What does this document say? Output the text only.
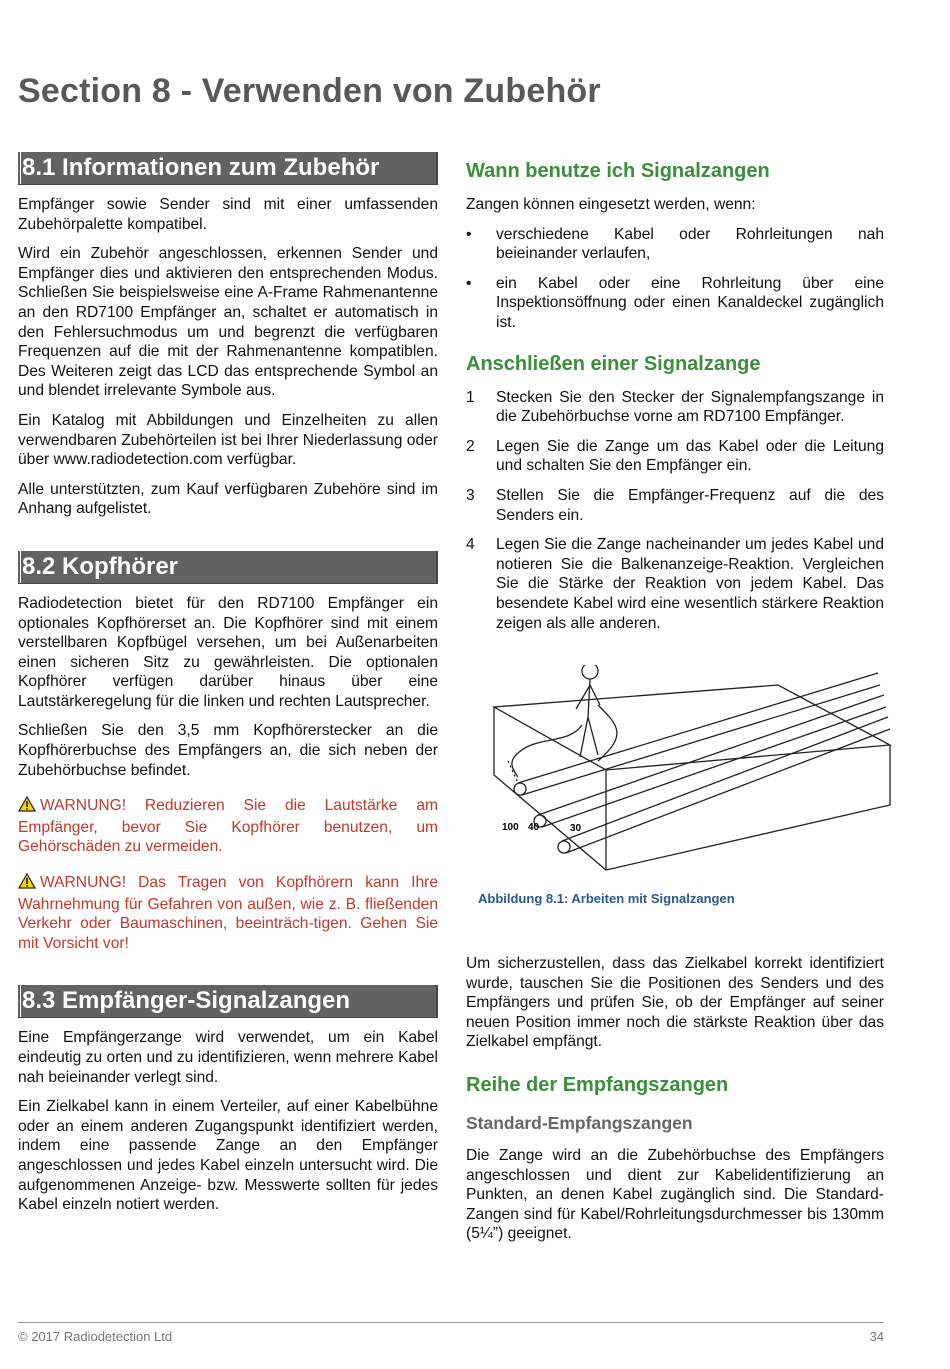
Section 8 - Verwenden von Zubehör
8.1 Informationen zum Zubehör

Empfänger sowie Sender sind mit einer umfassenden Zubehörpalette kompatibel.

Wird ein Zubehör angeschlossen, erkennen Sender und Empfänger dies und aktivieren den entsprechenden Modus. Schließen Sie beispielsweise eine A-Frame Rahmenantenne an den RD7100 Empfänger an, schaltet er automatisch in den Fehlersuchmodus um und begrenzt die verfügbaren Frequenzen auf die mit der Rahmenantenne kompatiblen. Des Weiteren zeigt das LCD das entsprechende Symbol an und blendet irrelevante Symbole aus.

Ein Katalog mit Abbildungen und Einzelheiten zu allen verwendbaren Zubehörteilen ist bei Ihrer Niederlassung oder über www.radiodetection.com verfügbar.

Alle unterstützten, zum Kauf verfügbaren Zubehöre sind im Anhang aufgelistet.

8.2 Kopfhörer

Radiodetection bietet für den RD7100 Empfänger ein optionales Kopfhörerset an. Die Kopfhörer sind mit einem verstellbaren Kopfbügel versehen, um bei Außenarbeiten einen sicheren Sitz zu gewährleisten. Die optionalen Kopfhörer verfügen darüber hinaus über eine Lautstärkeregelung für die linken und rechten Lautsprecher.

Schließen Sie den 3,5 mm Kopfhörerstecker an die Kopfhörerbuchse des Empfängers an, die sich neben der Zubehörbuchse befindet.

WARNUNG! Reduzieren Sie die Lautstärke am Empfänger, bevor Sie Kopfhörer benutzen, um Gehörschäden zu vermeiden.

WARNUNG! Das Tragen von Kopfhörern kann Ihre Wahrnehmung für Gefahren von außen, wie z. B. fließenden Verkehr oder Baumaschinen, beeinträch-tigen. Gehen Sie mit Vorsicht vor!

8.3 Empfänger-Signalzangen

Eine Empfängerzange wird verwendet, um ein Kabel eindeutig zu orten und zu identifizieren, wenn mehrere Kabel nah beieinander verlegt sind.

Ein Zielkabel kann in einem Verteiler, auf einer Kabelbühne oder an einem anderen Zugangspunkt identifiziert werden, indem eine passende Zange an den Empfänger angeschlossen und jedes Kabel einzeln untersucht wird. Die aufgenommenen Anzeige- bzw. Messwerte sollten für jedes Kabel einzeln notiert werden.

Wann benutze ich Signalzangen

Zangen können eingesetzt werden, wenn:

• verschiedene Kabel oder Rohrleitungen nah beieinander verlaufen,
• ein Kabel oder eine Rohrleitung über eine Inspektionsöffnung oder einen Kanaldeckel zugänglich ist.
Anschließen einer Signalzange
1 Stecken Sie den Stecker der Signalempfangszange in die Zubehörbuchse vorne am RD7100 Empfänger.
2 Legen Sie die Zange um das Kabel oder die Leitung und schalten Sie den Empfänger ein.
3 Stellen Sie die Empfänger-Frequenz auf die des Senders ein.
4 Legen Sie die Zange nacheinander um jedes Kabel und notieren Sie die Balkenanzeige-Reaktion. Vergleichen Sie die Stärke der Reaktion von jedem Kabel. Das besendete Kabel wird eine wesentlich stärkere Reaktion zeigen als alle anderen.
100 40	30
Abbildung 8.1: Arbeiten mit Signalzangen

Um sicherzustellen, dass das Zielkabel korrekt identifiziert wurde, tauschen Sie die Positionen des Senders und des Empfängers und prüfen Sie, ob der Empfänger auf seiner neuen Position immer noch die stärkste Reaktion über das Zielkabel empfängt.

Reihe der Empfangszangen
Standard-Empfangszangen

Die Zange wird an die Zubehörbuchse des Empfängers angeschlossen und dient zur Kabelidentifizierung an Punkten, an denen Kabel zugänglich sind. Die Standard-Zangen sind für Kabel/Rohrleitungsdurchmesser bis 130mm (5¼”) geeignet.

© 2017 Radiodetection Ltd	34
